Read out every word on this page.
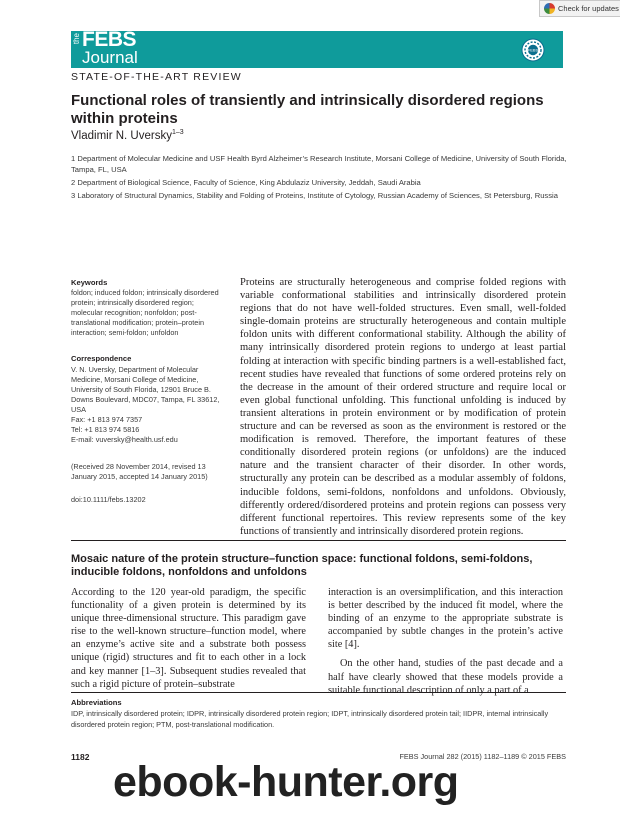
Check for updates
the FEBS
Journal	FEBS
STATE-OF-THE-ART REVIEW
Functional roles of transiently and intrinsically disordered regions within proteins
Vladimir N. Uversky$^{1-3}$
1 Department of Molecular Medicine and USF Health Byrd Alzheimer’s Research Institute, Morsani College of Medicine, University of South Florida, Tampa, FL, USA
2 Department of Biological Science, Faculty of Science, King Abdulaziz University, Jeddah, Saudi Arabia
3 Laboratory of Structural Dynamics, Stability and Folding of Proteins, Institute of Cytology, Russian Academy of Sciences, St Petersburg, Russia
Keywords
foldon; induced foldon; intrinsically disordered protein; intrinsically disordered region; molecular recognition; nonfoldon; post-translational modification; protein–protein interaction; semi-foldon; unfoldon
Correspondence
V. N. Uversky, Department of Molecular Medicine, Morsani College of Medicine, University of South Florida, 12901 Bruce B. Downs Boulevard, MDC07, Tampa, FL 33612, USA
Fax: +1 813 974 7357
Tel: +1 813 974 5816
E-mail: vuversky@health.usf.edu
(Received 28 November 2014, revised 13 January 2015, accepted 14 January 2015)
doi:10.1111/febs.13202
Proteins are structurally heterogeneous and comprise folded regions with variable conformational stabilities and intrinsically disordered protein regions that do not have well-folded structures. Even small, well-folded single-domain proteins are structurally heterogeneous and contain multiple foldon units with different conformational stability. Although the ability of many intrinsically disordered protein regions to undergo at least partial folding at interaction with specific binding partners is a well-established fact, recent studies have revealed that functions of some ordered proteins rely on the decrease in the amount of their ordered structure and require local or even global functional unfolding. This functional unfolding is induced by transient alterations in protein environment or by modification of protein structure and can be reversed as soon as the environment is restored or the modification is removed. Therefore, the important features of these conditionally disordered protein regions (or unfoldons) are the induced nature and the transient character of their disorder. In other words, structurally any protein can be described as a modular assembly of foldons, inducible foldons, semi-foldons, nonfoldons and unfoldons. Obviously, differently ordered/disordered proteins and protein regions can possess very different functional repertoires. This review represents some of the key functions of transiently and intrinsically disordered protein regions.
Mosaic nature of the protein structure–function space: functional foldons, semi-foldons, inducible foldons, nonfoldons and unfoldons

According to the 120 year-old paradigm, the specific functionality of a given protein is determined by its unique three-dimensional structure. This paradigm gave rise to the well-known structure–function model, where an enzyme’s active site and a substrate both possess unique (rigid) structures and fit to each other in a lock and key manner [1–3]. Subsequent studies revealed that such a rigid picture of protein–substrate

interaction is an oversimplification, and this interaction is better described by the induced fit model, where the binding of an enzyme to the appropriate substrate is accompanied by subtle changes in the protein’s active site [4].

On the other hand, studies of the past decade and a half have clearly showed that these models provide a suitable functional description of only a part of a

Abbreviations
IDP, intrinsically disordered protein; IDPR, intrinsically disordered protein region; IDPT, intrinsically disordered protein tail; IIDPR, internal intrinsically disordered protein region; PTM, post-translational modification.
1182	FEBS Journal 282 (2015) 1182–1189 © 2015 FEBS
ebook-hunter.org
